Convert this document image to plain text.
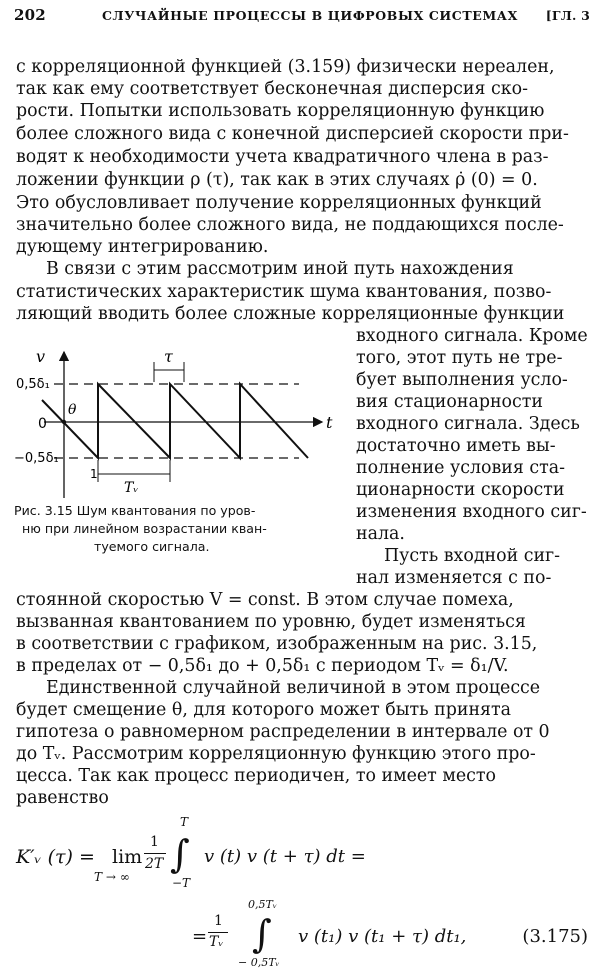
202	СЛУЧАЙНЫЕ ПРОЦЕССЫ В ЦИФРОВЫХ СИСТЕМАХ [ГЛ. 3
с корреляционной функцией (3.159) физически нереален,
так как ему соответствует бесконечная дисперсия ско-
рости. Попытки использовать корреляционную функцию
более сложного вида с конечной дисперсией скорости при-
водят к необходимости учета квадратичного члена в раз-
ложении функции ρ (τ), так как в этих случаях ρ̇ (0) = 0.
Это обусловливает получение корреляционных функций
значительно более сложного вида, не поддающихся после-
дующему интегрированию.
В связи с этим рассмотрим иной путь нахождения
статистических характеристик шума квантования, позво-
ляющий вводить более сложные корреляционные функции
входного сигнала. Кроме
того, этот путь не тре-
бует выполнения усло-
вия стационарности
входного сигнала. Здесь
достаточно иметь вы-
полнение условия ста-
ционарности скорости
изменения входного сиг-
нала.
Пусть входной сиг-
нал изменяется с по-
стоянной скоростью V = const. В этом случае помеха,
вызванная квантованием по уровню, будет изменяться
в соответствии с графиком, изображенным на рис. 3.15,
в пределах от − 0,5δ₁ до + 0,5δ₁ с периодом Tᵥ = δ₁/V.
Единственной случайной величиной в этом процессе
будет смещение θ, для которого может быть принята
гипотеза о равномерном распределении в интервале от 0
до Tᵥ. Рассмотрим корреляционную функцию этого про-
цесса. Так как процесс периодичен, то имеет место
равенство
v
t
τ
θ
0
0,5δ₁
−0,5δ₁
Tᵥ
1
Рис. 3.15 Шум квантования по уров-
ню при линейном возрастании кван-
туемого сигнала.
K′ᵥ (τ) = lim
T → ∞
1
2T
T
∫
−T
v (t) v (t + τ) dt =
=
1
Tᵥ
0,5Tᵥ
∫
− 0,5Tᵥ
v (t₁) v (t₁ + τ) dt₁,	(3.175)
